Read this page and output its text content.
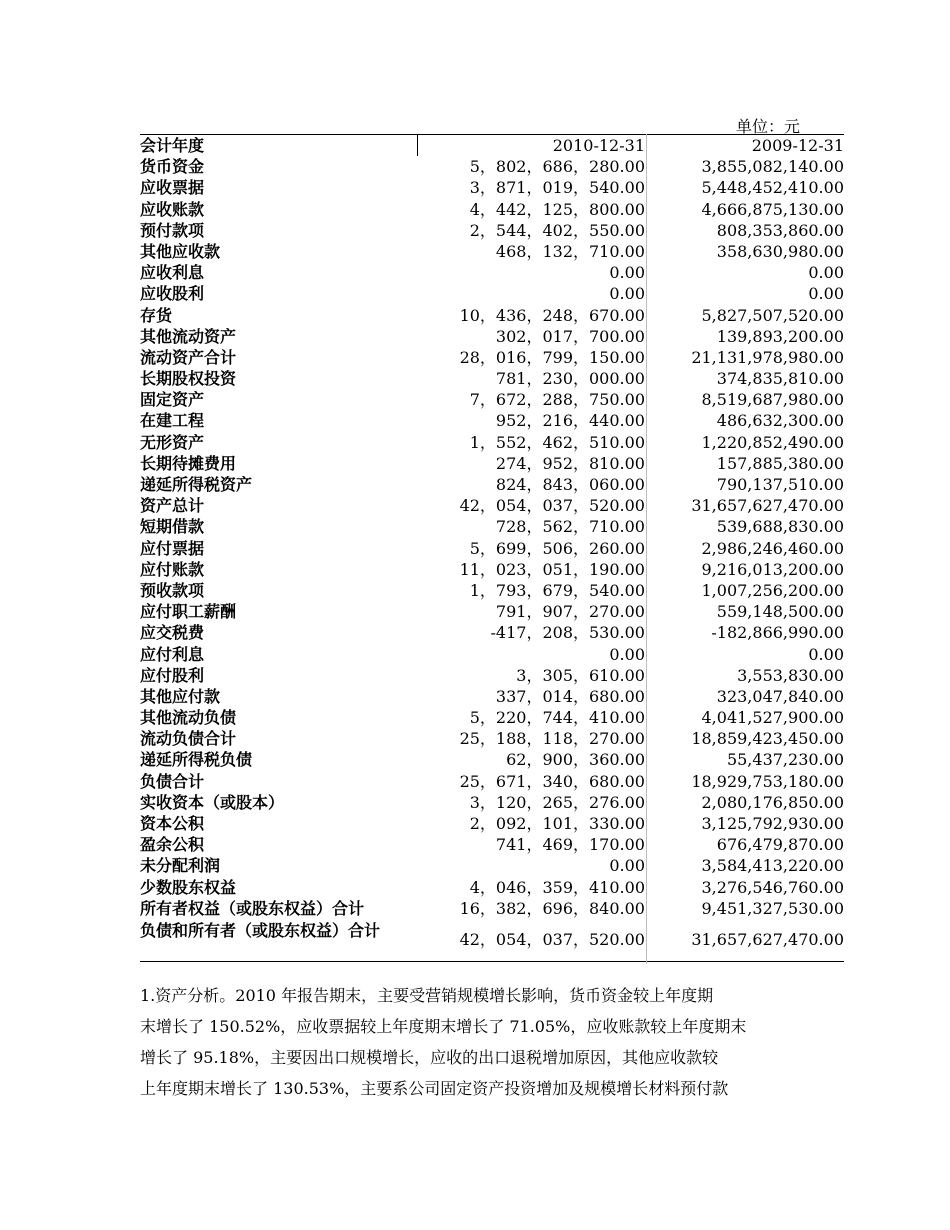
单位：元
会计年度	2010-12-31	2009-12-31
货币资金	5，802，686，280.00	3,855,082,140.00
应收票据	3，871，019，540.00	5,448,452,410.00
应收账款	4，442，125，800.00	4,666,875,130.00
预付款项	2，544，402，550.00	808,353,860.00
其他应收款	468，132，710.00	358,630,980.00
应收利息	0.00	0.00
应收股利	0.00	0.00
存货	10，436，248，670.00	5,827,507,520.00
其他流动资产	302，017，700.00	139,893,200.00
流动资产合计	28，016，799，150.00	21,131,978,980.00
长期股权投资	781，230，000.00	374,835,810.00
固定资产	7，672，288，750.00	8,519,687,980.00
在建工程	952，216，440.00	486,632,300.00
无形资产	1，552，462，510.00	1,220,852,490.00
长期待摊费用	274，952，810.00	157,885,380.00
递延所得税资产	824，843，060.00	790,137,510.00
资产总计	42，054，037，520.00	31,657,627,470.00
短期借款	728，562，710.00	539,688,830.00
应付票据	5，699，506，260.00	2,986,246,460.00
应付账款	11，023，051，190.00	9,216,013,200.00
预收款项	1，793，679，540.00	1,007,256,200.00
应付职工薪酬	791，907，270.00	559,148,500.00
应交税费	-417，208，530.00	-182,866,990.00
应付利息	0.00	0.00
应付股利	3，305，610.00	3,553,830.00
其他应付款	337，014，680.00	323,047,840.00
其他流动负债	5，220，744，410.00	4,041,527,900.00
流动负债合计	25，188，118，270.00	18,859,423,450.00
递延所得税负债	62，900，360.00	55,437,230.00
负债合计	25，671，340，680.00	18,929,753,180.00
实收资本（或股本）	3，120，265，276.00	2,080,176,850.00
资本公积	2，092，101，330.00	3,125,792,930.00
盈余公积	741，469，170.00	676,479,870.00
未分配利润	0.00	3,584,413,220.00
少数股东权益	4，046，359，410.00	3,276,546,760.00
所有者权益（或股东权益）合计	16，382，696，840.00	9,451,327,530.00
负债和所有者（或股东权益）合计	42，054，037，520.00	31,657,627,470.00

1.资产分析。2010 年报告期末，主要受营销规模增长影响，货币资金较上年度期

末增长了 150.52%，应收票据较上年度期末增长了 71.05%，应收账款较上年度期末

增长了 95.18%，主要因出口规模增长，应收的出口退税增加原因，其他应收款较

上年度期末增长了 130.53%，主要系公司固定资产投资增加及规模增长材料预付款
